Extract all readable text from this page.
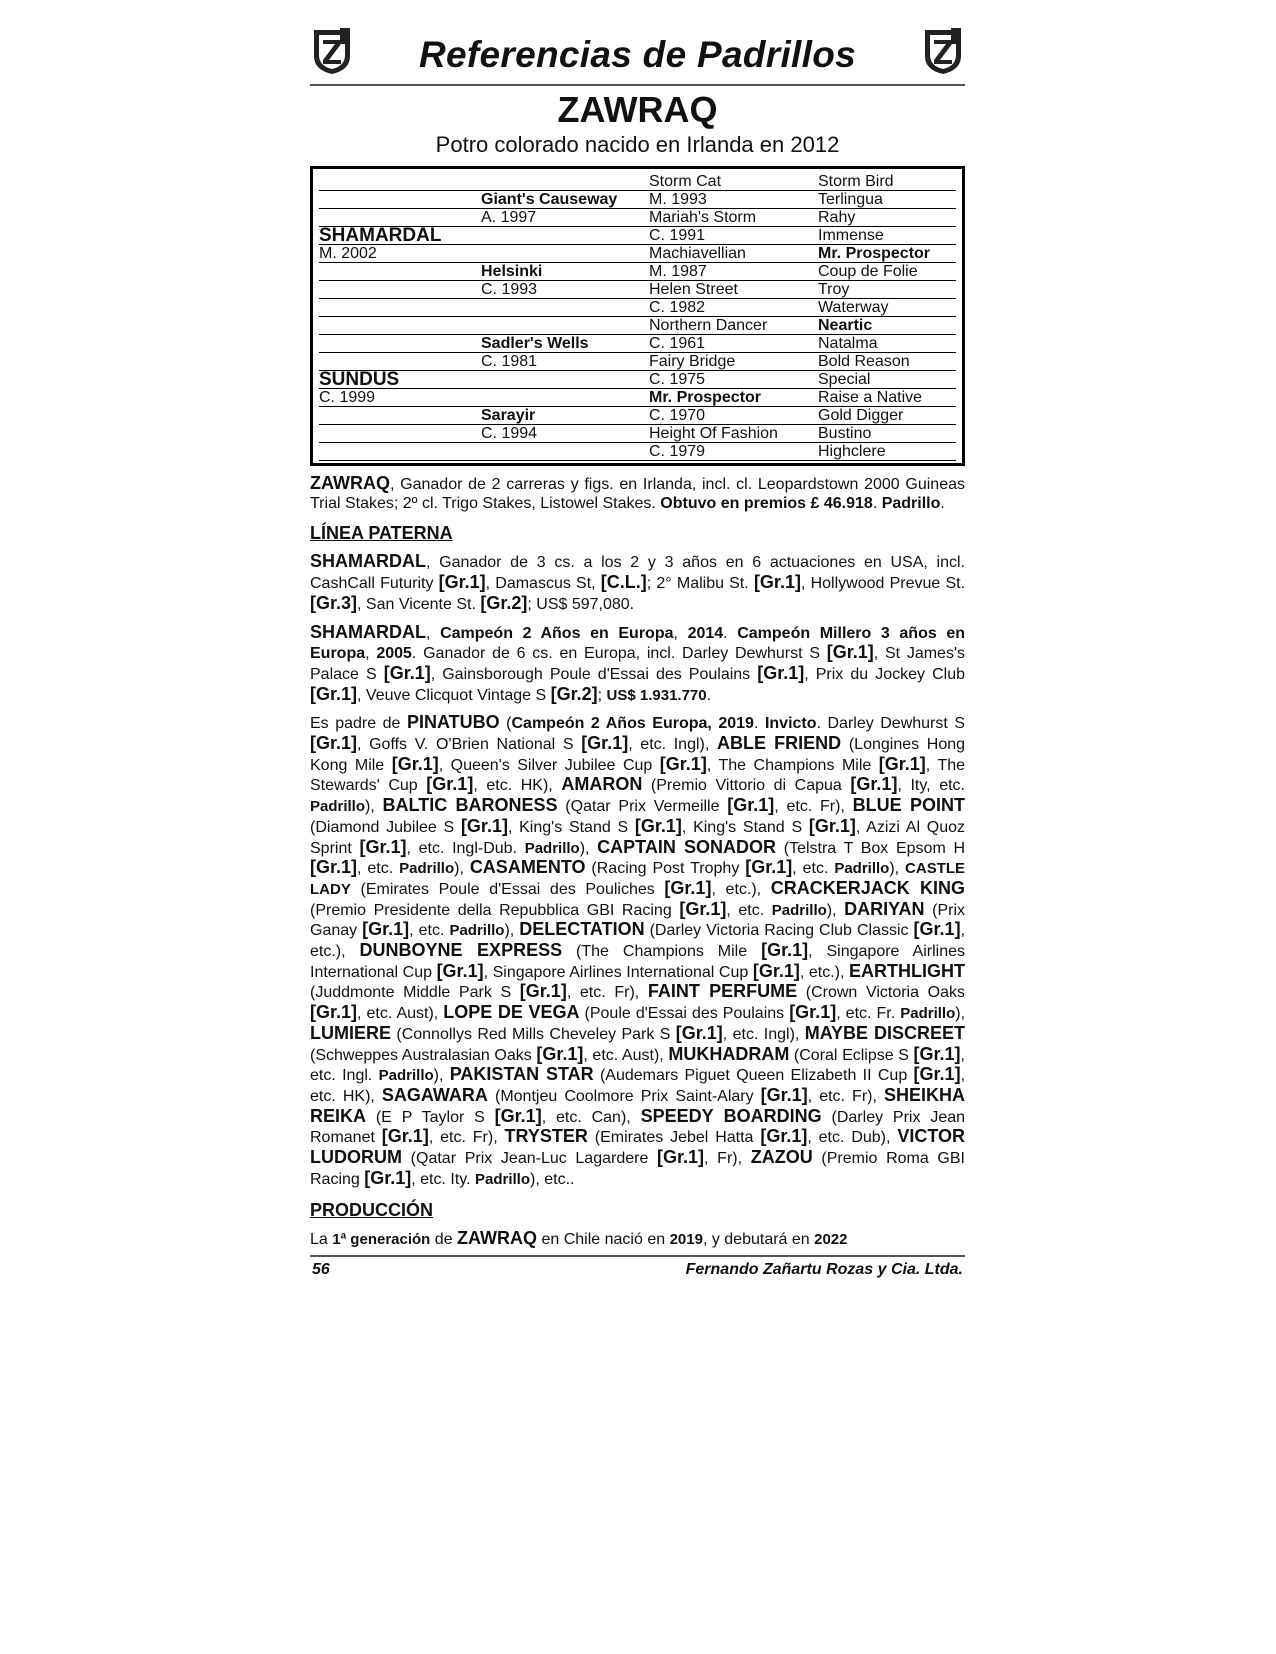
Referencias de Padrillos
ZAWRAQ
Potro colorado nacido en Irlanda en 2012
		Storm Cat	Storm Bird
	Giant's Causeway	M. 1993	Terlingua
	A. 1997	Mariah's Storm	Rahy
SHAMARDAL		C. 1991	Immense
M. 2002		Machiavellian	Mr. Prospector
	Helsinki	M. 1987	Coup de Folie
	C. 1993	Helen Street	Troy
		C. 1982	Waterway
		Northern Dancer	Neartic
	Sadler's Wells	C. 1961	Natalma
	C. 1981	Fairy Bridge	Bold Reason
SUNDUS		C. 1975	Special
C. 1999		Mr. Prospector	Raise a Native
	Sarayir	C. 1970	Gold Digger
	C. 1994	Height Of Fashion	Bustino
		C. 1979	Highclere

ZAWRAQ, Ganador de 2 carreras y figs. en Irlanda, incl. cl. Leopardstown 2000 Guineas Trial Stakes; 2º cl. Trigo Stakes, Listowel Stakes. Obtuvo en premios £ 46.918. Padrillo.

LÍNEA PATERNA

SHAMARDAL, Ganador de 3 cs. a los 2 y 3 años en 6 actuaciones en USA, incl. CashCall Futurity [Gr.1], Damascus St, [C.L.]; 2° Malibu St. [Gr.1], Hollywood Prevue St. [Gr.3], San Vicente St. [Gr.2]; US$ 597,080.

SHAMARDAL, Campeón 2 Años en Europa, 2014. Campeón Millero 3 años en Europa, 2005. Ganador de 6 cs. en Europa, incl. Darley Dewhurst S [Gr.1], St James's Palace S [Gr.1], Gainsborough Poule d'Essai des Poulains [Gr.1], Prix du Jockey Club [Gr.1], Veuve Clicquot Vintage S [Gr.2]; US$ 1.931.770.

Es padre de PINATUBO (Campeón 2 Años Europa, 2019. Invicto. Darley Dewhurst S [Gr.1], Goffs V. O'Brien National S [Gr.1], etc. Ingl), ABLE FRIEND (Longines Hong Kong Mile [Gr.1], Queen's Silver Jubilee Cup [Gr.1], The Champions Mile [Gr.1], The Stewards' Cup [Gr.1], etc. HK), AMARON (Premio Vittorio di Capua [Gr.1], Ity, etc. Padrillo), BALTIC BARONESS (Qatar Prix Vermeille [Gr.1], etc. Fr), BLUE POINT (Diamond Jubilee S [Gr.1], King's Stand S [Gr.1], King's Stand S [Gr.1], Azizi Al Quoz Sprint [Gr.1], etc. Ingl-Dub. Padrillo), CAPTAIN SONADOR (Telstra T Box Epsom H [Gr.1], etc. Padrillo), CASAMENTO (Racing Post Trophy [Gr.1], etc. Padrillo), CASTLE LADY (Emirates Poule d'Essai des Pouliches [Gr.1], etc.), CRACKERJACK KING (Premio Presidente della Repubblica GBI Racing [Gr.1], etc. Padrillo), DARIYAN (Prix Ganay [Gr.1], etc. Padrillo), DELECTATION (Darley Victoria Racing Club Classic [Gr.1], etc.), DUNBOYNE EXPRESS (The Champions Mile [Gr.1], Singapore Airlines International Cup [Gr.1], Singapore Airlines International Cup [Gr.1], etc.), EARTHLIGHT (Juddmonte Middle Park S [Gr.1], etc. Fr), FAINT PERFUME (Crown Victoria Oaks [Gr.1], etc. Aust), LOPE DE VEGA (Poule d'Essai des Poulains [Gr.1], etc. Fr. Padrillo), LUMIERE (Connollys Red Mills Cheveley Park S [Gr.1], etc. Ingl), MAYBE DISCREET (Schweppes Australasian Oaks [Gr.1], etc. Aust), MUKHADRAM (Coral Eclipse S [Gr.1], etc. Ingl. Padrillo), PAKISTAN STAR (Audemars Piguet Queen Elizabeth II Cup [Gr.1], etc. HK), SAGAWARA (Montjeu Coolmore Prix Saint-Alary [Gr.1], etc. Fr), SHEIKHA REIKA (E P Taylor S [Gr.1], etc. Can), SPEEDY BOARDING (Darley Prix Jean Romanet [Gr.1], etc. Fr), TRYSTER (Emirates Jebel Hatta [Gr.1], etc. Dub), VICTOR LUDORUM (Qatar Prix Jean-Luc Lagardere [Gr.1], Fr), ZAZOU (Premio Roma GBI Racing [Gr.1], etc. Ity. Padrillo), etc..

PRODUCCIÓN

La 1ª generación de ZAWRAQ en Chile nació en 2019, y debutará en 2022

56	Fernando Zañartu Rozas y Cia. Ltda.
